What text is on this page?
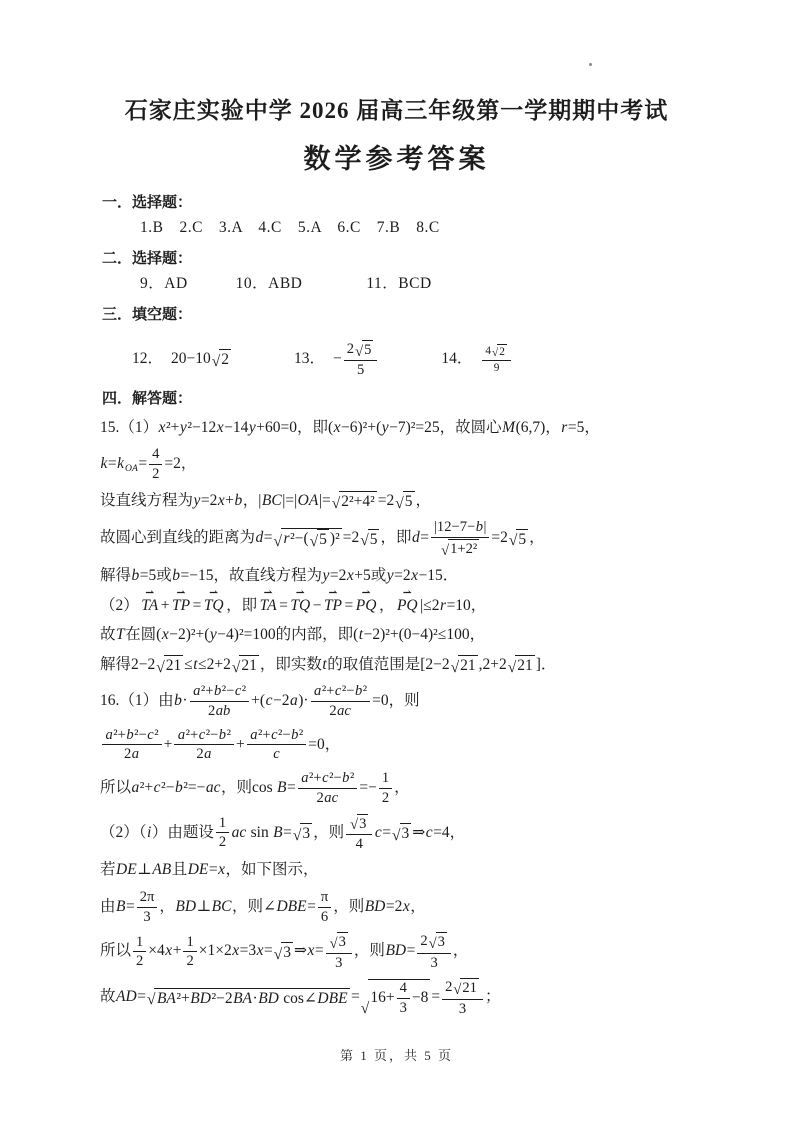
石家庄实验中学 2026 届高三年级第一学期期中考试
数学参考答案
一．选择题：
1.B　2.C　3.A　4.C　5.A　6.C　7.B　8.C
二．选择题：
9．AD　　　10．ABD　　　　11．BCD
三．填空题：
12． 20−10 √ 2	13． −
2 √ 5
5
14． 4 √ 2
9
四．解答题：
15.（1）x²+y²−12x−14y+60=0，即(x−6)²+(y−7)²=25，故圆心M(6,7)，r=5，
$k=k_{OA}= \frac{4}{2} =2$，
设直线方程为y=2x+b，|BC|=|OA|= √ 2²+4² =2 √ 5 ，
故圆心到直线的距离为d= √ r²−( √ 5 )² =2 √ 5 ，即$d= \frac{|12-7-b|}{\text{√ 1+2²}} =2$ √ 5 ，
解得b=5或b=−15，故直线方程为y=2x+5或y=2x−15．
（2） TA ⇀ + TP ⇀ = TQ ⇀ ，即 TA ⇀ = TQ ⇀ − TP ⇀ = PQ ⇀ ， PQ ⇀ |≤2r=10，
故T在圆(x−2)²+(y−4)²=100的内部，即(t−2)²+(0−4)²≤100，
解得2−2 √ 21 ≤t≤2+2 √ 21 ，即实数t的取值范围是[2−2 √ 21 ,2+2 √ 21 ]．
16.（1）由$b\cdot \frac{\text{a²+b²−c²}}{2ab} +(c-2a)\cdot \frac{\text{a²+c²−b²}}{2ac} =0$，则
$\frac{\text{a²+b²−c²}}{2a} + \frac{\text{a²+c²−b²}}{2a} + \frac{\text{a²+c²−b²}}{c} =0$，
所以a²+c²−b²=−ac，则$\cos B= \frac{\text{a²+c²−b²}}{2ac} =- \frac{1}{2}$ ，
（2）（i）由题设 $\frac{1}{2}$ ac sin B= √ 3 ，则 $\frac{√ 3}{4} c=$ √ 3 ⇒c=4，
若DE⊥AB且DE=x，如下图示，
由$B= \frac{2\pi}{3}$ ，BD⊥BC，则∠DBE= $\frac{\pi}{6}$ ，则BD=2x，
所以 $\frac{1}{2} \times 4x+ \frac{1}{2} \times 1\times 2x=3x=$ √ 3 ⇒x= $\frac{√ 3}{3}$ ，则$BD= \frac{2 √ 3}{3}$ ，
故AD= √ BA²+BD²−2BA·BD cos∠DBE =
√
$16+ \frac{4}{3} -8 = \frac{2 √ 21}{3}$ ；
第 1 页，共 5 页
